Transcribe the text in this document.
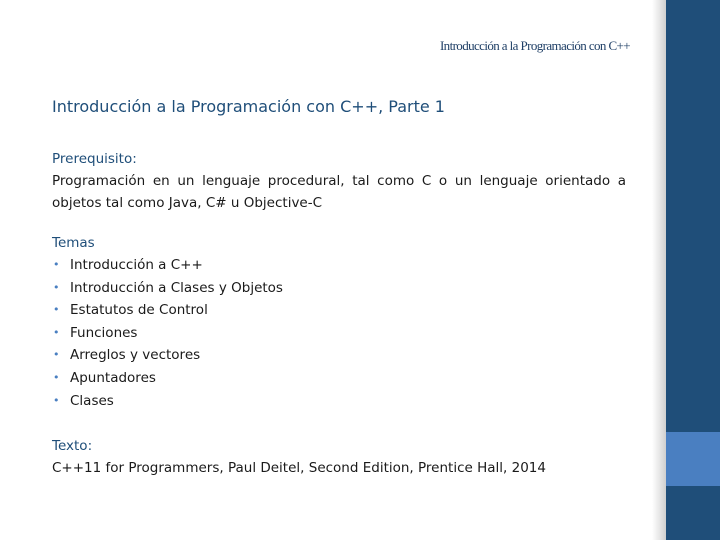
Introducción a la Programación con C++
Introducción a la Programación con C++, Parte 1
Prerequisito:
Programación en un lenguaje procedural, tal como C o un lenguaje orientado a objetos tal como Java, C# u Objective-C
Temas
• Introducción a C++
• Introducción a Clases y Objetos
• Estatutos de Control
• Funciones
• Arreglos y vectores
• Apuntadores
• Clases
Texto:
C++11 for Programmers, Paul Deitel, Second Edition, Prentice Hall, 2014
